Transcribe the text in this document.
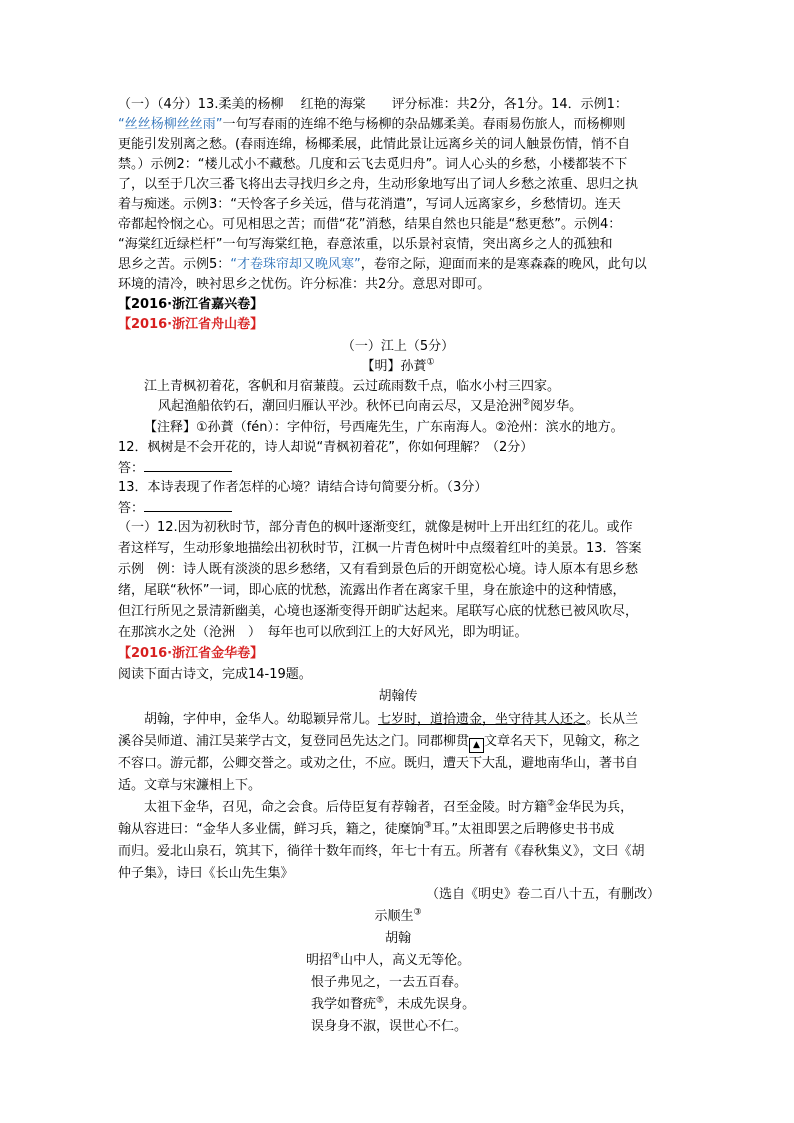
（一）（4分）13.柔美的杨柳　 红艳的海棠　　评分标准：共2分，各1分。14．示例1：
“丝丝杨柳丝丝雨”一句写春雨的连绵不绝与杨柳的杂品娜柔美。春雨易伤旅人，而杨柳则
更能引发别离之愁。(春雨连绵，杨椰柔展，此情此景让远离乡关的词人触景伤情，悄不自
禁。）示例2：“楼儿忒小不藏愁。几度和云飞去觅归舟”。词人心头的乡愁，小楼都装不下
了，以至于几次三番飞将出去寻找归乡之舟，生动形象地写出了词人乡愁之浓重、思归之执
着与痴迷。示例3：“天怜客子乡关远，借与花消遣”，写词人远离家乡，乡愁情切。连天
帝都起怜悯之心。可见相思之苦；而借“花”消愁，结果自然也只能是“愁更愁”。示例4：
“海棠红近绿栏杆”一句写海棠红艳，春意浓重，以乐景衬哀情，突出离乡之人的孤独和
思乡之苦。示例5：“才卷珠帘却又晚风寒”，卷帘之际，迎面而来的是寒森森的晚风，此句以
环境的清冷，映衬思乡之忧伤。许分标准：共2分。意思对即可。
【2016·浙江省嘉兴卷】
【2016·浙江省舟山卷】
（一）江上（5分）
【明】孙蕡①
江上青枫初着花，客帆和月宿蒹葭。云过疏雨数千点，临水小村三四家。
风起渔船依钓石，潮回归雁认平沙。秋怀已向南云尽，又是沧洲②阅岁华。
【注释】①孙蕡（fén）：字仲衍，号西庵先生，广东南海人。②沧州：滨水的地方。
12．枫树是不会开花的，诗人却说“青枫初着花”，你如何理解？（2分）
答：
13．本诗表现了作者怎样的心境？请结合诗句简要分析。（3分）
答：
（一）12.因为初秋时节，部分青色的枫叶逐渐变红，就像是树叶上开出红红的花儿。或作
者这样写，生动形象地描绘出初秋时节，江枫一片青色树叶中点缀着红叶的美景。13．答案
示例　例：诗人既有淡淡的思乡愁绪，又有看到景色后的开朗宽松心境。诗人原本有思乡愁
绪，尾联“秋怀”一词，即心底的忧愁，流露出作者在离家千里，身在旅途中的这种情感，
但江行所见之景清新幽美，心境也逐渐变得开朗旷达起来。尾联写心底的忧愁已被风吹尽，
在那滨水之处（沧洲　）　每年也可以欣到江上的大好风光，即为明证。
【2016·浙江省金华卷】
阅读下面古诗文，完成14-19题。
胡翰传
胡翰，字仲申，金华人。幼聪颖异常儿。七岁时，道拾遗金，坐守待其人还之。长从兰
溪谷吴师道、浦江吴莱学古文，复登同邑先达之门。同郡柳贯 ▲ 文章名天下，见翰文，称之
不容口。游元都，公卿交誉之。或劝之仕，不应。既归，遭天下大乱，避地南华山，著书自
适。文章与宋濂相上下。
太祖下金华，召见，命之会食。后侍臣复有荐翰者，召至金陵。时方籍②金华民为兵，
翰从容进曰：“金华人多业儒，鲜习兵，籍之，徒糜饷③耳。”太祖即罢之后聘修史书书成
而归。爱北山泉石，筑其下，徜徉十数年而终，年七十有五。所著有《春秋集义》，文曰《胡
仲子集》，诗曰《长山先生集》
（选自《明史》卷二百八十五，有删改）
示顺生③
胡翰
明招④山中人，高义无等伦。
恨子弗见之，一去五百春。
我学如瞀疣⑤，未成先误身。
误身身不淑，误世心不仁。
